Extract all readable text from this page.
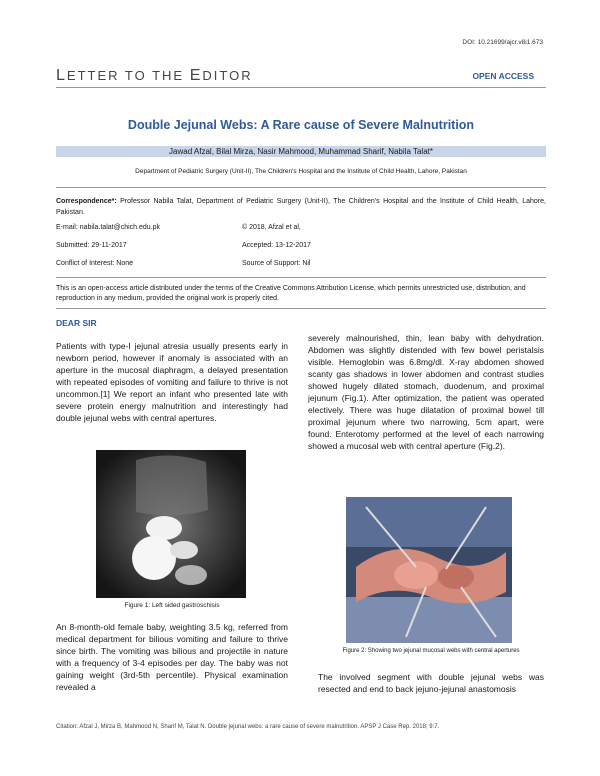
DOI: 10.21699/ajcr.v8i1.673
LETTER TO THE EDITOR	OPEN ACCESS
Double Jejunal Webs: A Rare cause of Severe Malnutrition
Jawad Afzal, Bilal Mirza, Nasir Mahmood, Muhammad Sharif, Nabila Talat*
Department of Pediatric Surgery (Unit-II), The Children's Hospital and the Institute of Child Health, Lahore, Pakistan
Correspondence*: Professor Nabila Talat, Department of Pediatric Surgery (Unit-II), The Children's Hospital and the Institute of Child Health, Lahore, Pakistan.
E-mail: nabila.talat@chich.edu.pk	© 2018, Afzal et al,
Submitted: 29-11-2017	Accepted: 13-12-2017
Conflict of Interest: None	Source of Support: Nil
This is an open-access article distributed under the terms of the Creative Commons Attribution License, which permits unrestricted use, distribution, and reproduction in any medium, provided the original work is properly cited.
DEAR SIR
Patients with type-I jejunal atresia usually presents early in newborn period, however if anomaly is associated with an aperture in the mucosal diaphragm, a delayed presentation with repeated episodes of vomiting and failure to thrive is not uncommon.[1] We report an infant who presented late with severe protein energy malnutrition and interestingly had double jejunal webs with central apertures.
Figure 1: Left sided gastroschisis
An 8-month-old female baby, weighting 3.5 kg, referred from medical department for bilious vomiting and failure to thrive since birth. The vomiting was bilious and projectile in nature with a frequency of 3-4 episodes per day. The baby was not gaining weight (3rd-5th percentile). Physical examination revealed a
severely malnourished, thin, lean baby with dehydration. Abdomen was slightly distended with few bowel peristalsis visible. Hemoglobin was 6.8mg/dl. X-ray abdomen showed scanty gas shadows in lower abdomen and contrast studies showed hugely dilated stomach, duodenum, and proximal jejunum (Fig.1). After optimization, the patient was operated electively. There was huge dilatation of proximal bowel till proximal jejunum where two narrowing, 5cm apart, were found. Enterotomy performed at the level of each narrowing showed a mucosal web with central aperture (Fig.2).
Figure 2: Showing two jejunal mucosal webs with central apertures
The involved segment with double jejunal webs was resected and end to back jejuno-jejunal anastomosis
Citation: Afzal J, Mirza B, Mahmood N, Sharif M, Talat N. Double jejunal webs: a rare cause of severe malnutrition. APSP J Case Rep. 2018; 9:7.
